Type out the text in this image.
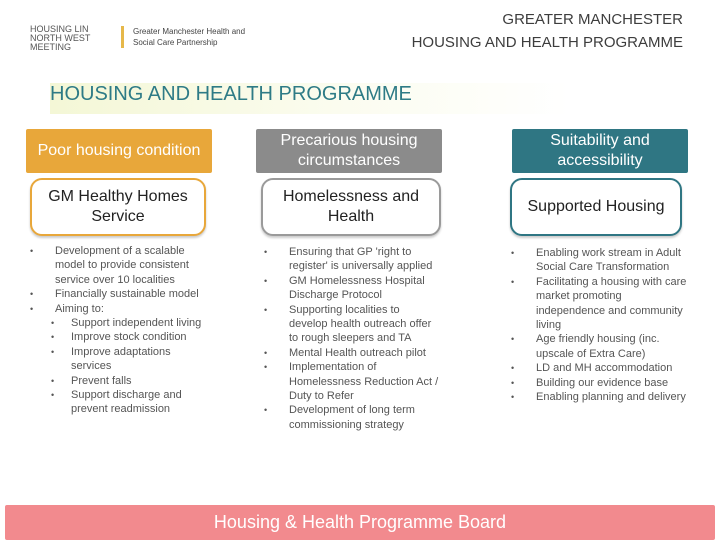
HOUSING LIN NORTH WEST MEETING
Greater Manchester Health and Social Care Partnership
GREATER MANCHESTER
HOUSING AND HEALTH PROGRAMME
HOUSING AND HEALTH PROGRAMME
Poor housing condition
Precarious housing circumstances
Suitability and accessibility
GM Healthy Homes Service
Homelessness and Health
Supported Housing
• Development of a scalable model to provide consistent service over 10 localities
• Financially sustainable model
• Aiming to:
• Support independent living
• Improve stock condition
• Improve adaptations services
• Prevent falls
• Support discharge and prevent readmission
• Ensuring that GP 'right to register' is universally applied
• GM Homelessness Hospital Discharge Protocol
• Supporting localities to develop health outreach offer to rough sleepers and TA
• Mental Health outreach pilot
• Implementation of Homelessness Reduction Act / Duty to Refer
• Development of long term commissioning strategy
• Enabling work stream in Adult Social Care Transformation
• Facilitating a housing with care market promoting independence and community living
• Age friendly housing (inc. upscale of Extra Care)
• LD and MH accommodation
• Building our evidence base
• Enabling planning and delivery
Housing & Health Programme Board
